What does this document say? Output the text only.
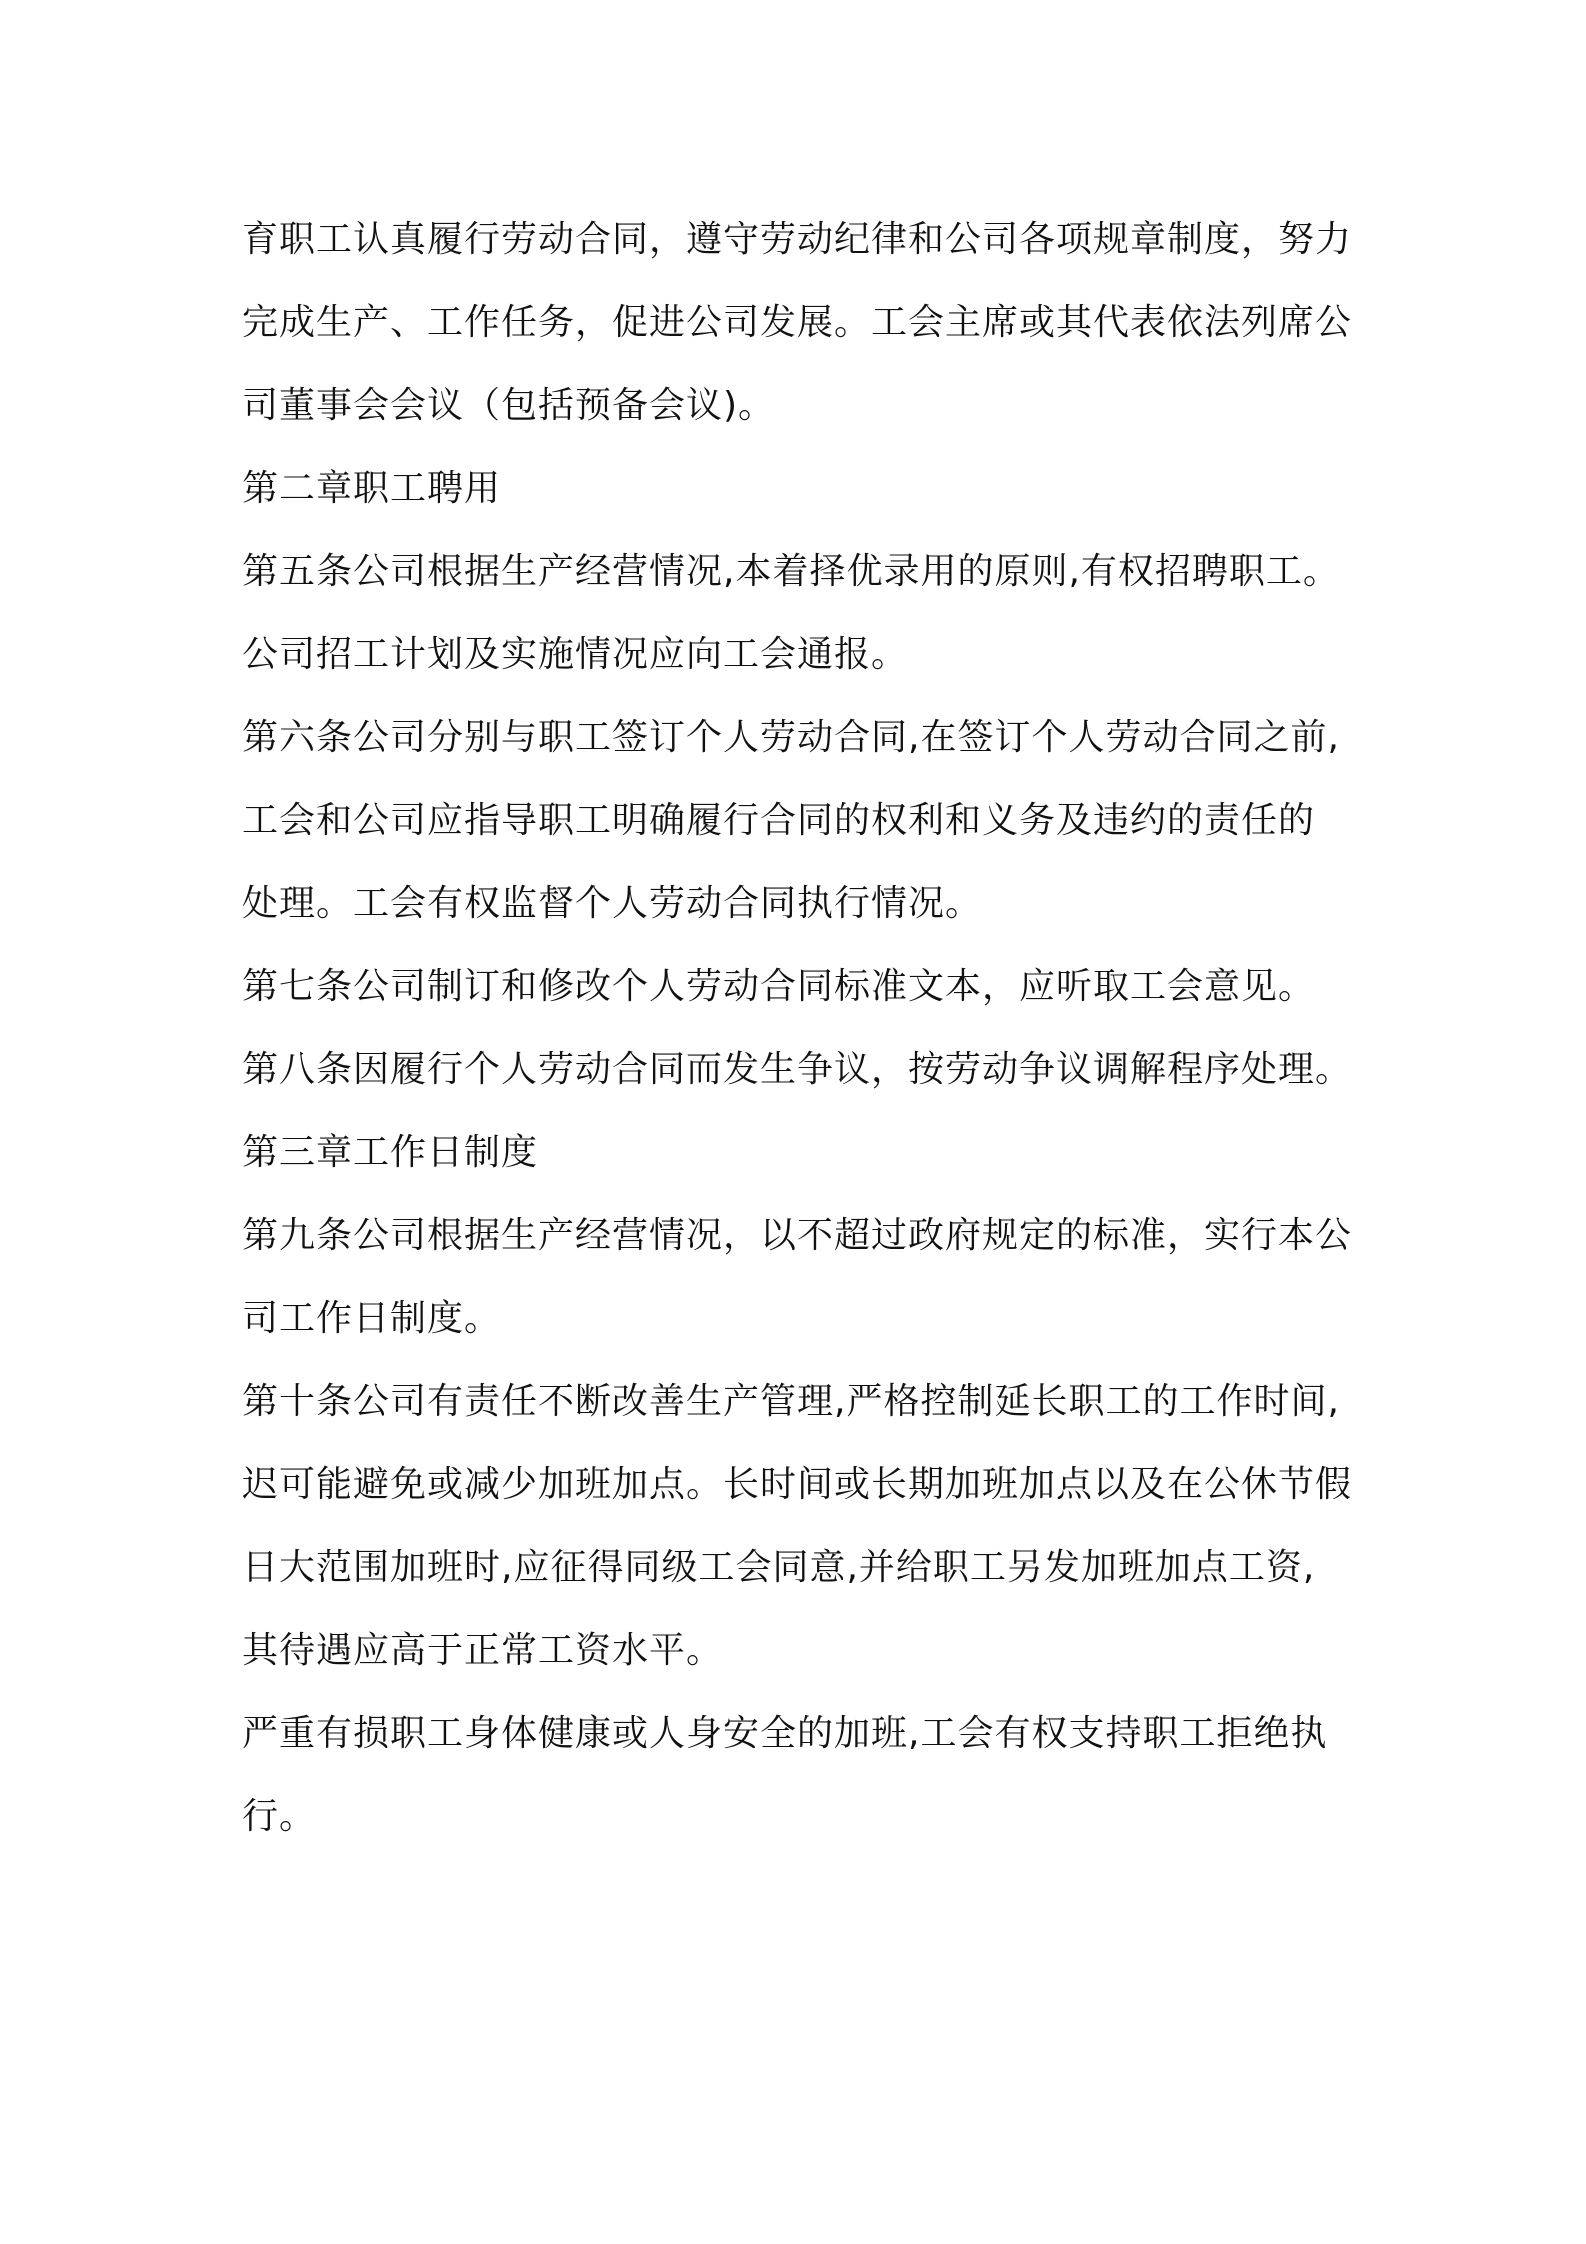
育职工认真履行劳动合同，遵守劳动纪律和公司各项规章制度，努力
完成生产、工作任务，促进公司发展。工会主席或其代表依法列席公
司董事会会议（包括预备会议)。
第二章职工聘用
第五条公司根据生产经营情况,本着择优录用的原则,有权招聘职工。
公司招工计划及实施情况应向工会通报。
第六条公司分别与职工签订个人劳动合同,在签订个人劳动合同之前,
工会和公司应指导职工明确履行合同的权利和义务及违约的责任的
处理。工会有权监督个人劳动合同执行情况。
第七条公司制订和修改个人劳动合同标准文本，应听取工会意见。
第八条因履行个人劳动合同而发生争议，按劳动争议调解程序处理。
第三章工作日制度
第九条公司根据生产经营情况，以不超过政府规定的标准，实行本公
司工作日制度。
第十条公司有责任不断改善生产管理,严格控制延长职工的工作时间,
迟可能避免或减少加班加点。长时间或长期加班加点以及在公休节假
日大范围加班时,应征得同级工会同意,并给职工另发加班加点工资,
其待遇应高于正常工资水平。
严重有损职工身体健康或人身安全的加班,工会有权支持职工拒绝执
行。
